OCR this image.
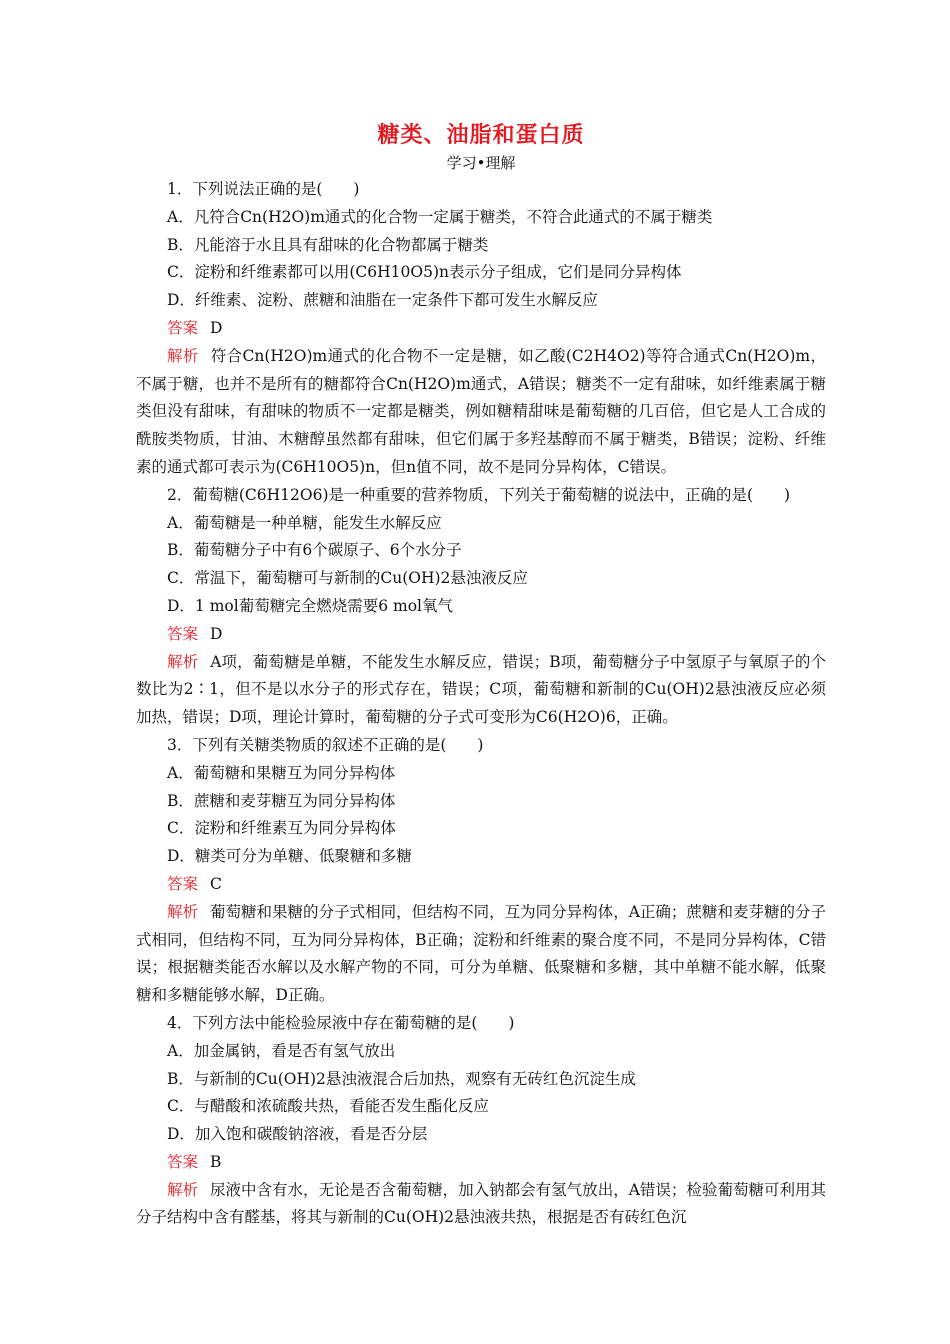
糖类、油脂和蛋白质

学习•理解

1．下列说法正确的是(　　)
A．凡符合Cn(H2O)m通式的化合物一定属于糖类，不符合此通式的不属于糖类
B．凡能溶于水且具有甜味的化合物都属于糖类
C．淀粉和纤维素都可以用(C6H10O5)n表示分子组成，它们是同分异构体
D．纤维素、淀粉、蔗糖和油脂在一定条件下都可发生水解反应
答案 D
解析 符合Cn(H2O)m通式的化合物不一定是糖，如乙酸(C2H4O2)等符合通式Cn(H2O)m，不属于糖，也并不是所有的糖都符合Cn(H2O)m通式，A错误；糖类不一定有甜味，如纤维素属于糖类但没有甜味，有甜味的物质不一定都是糖类，例如糖精甜味是葡萄糖的几百倍，但它是人工合成的酰胺类物质，甘油、木糖醇虽然都有甜味，但它们属于多羟基醇而不属于糖类，B错误；淀粉、纤维素的通式都可表示为(C6H10O5)n，但n值不同，故不是同分异构体，C错误。
2．葡萄糖(C6H12O6)是一种重要的营养物质，下列关于葡萄糖的说法中，正确的是(　　)
A．葡萄糖是一种单糖，能发生水解反应
B．葡萄糖分子中有6个碳原子、6个水分子
C．常温下，葡萄糖可与新制的Cu(OH)2悬浊液反应
D．1 mol葡萄糖完全燃烧需要6 mol氧气
答案 D
解析 A项，葡萄糖是单糖，不能发生水解反应，错误；B项，葡萄糖分子中氢原子与氧原子的个数比为2∶1，但不是以水分子的形式存在，错误；C项，葡萄糖和新制的Cu(OH)2悬浊液反应必须加热，错误；D项，理论计算时，葡萄糖的分子式可变形为C6(H2O)6，正确。
3．下列有关糖类物质的叙述不正确的是(　　)
A．葡萄糖和果糖互为同分异构体
B．蔗糖和麦芽糖互为同分异构体
C．淀粉和纤维素互为同分异构体
D．糖类可分为单糖、低聚糖和多糖
答案 C
解析 葡萄糖和果糖的分子式相同，但结构不同，互为同分异构体，A正确；蔗糖和麦芽糖的分子式相同，但结构不同，互为同分异构体，B正确；淀粉和纤维素的聚合度不同，不是同分异构体，C错误；根据糖类能否水解以及水解产物的不同，可分为单糖、低聚糖和多糖，其中单糖不能水解，低聚糖和多糖能够水解，D正确。
4．下列方法中能检验尿液中存在葡萄糖的是(　　)
A．加金属钠，看是否有氢气放出
B．与新制的Cu(OH)2悬浊液混合后加热，观察有无砖红色沉淀生成
C．与醋酸和浓硫酸共热，看能否发生酯化反应
D．加入饱和碳酸钠溶液，看是否分层
答案 B
解析 尿液中含有水，无论是否含葡萄糖，加入钠都会有氢气放出，A错误；检验葡萄糖可利用其分子结构中含有醛基，将其与新制的Cu(OH)2悬浊液共热，根据是否有砖红色沉
